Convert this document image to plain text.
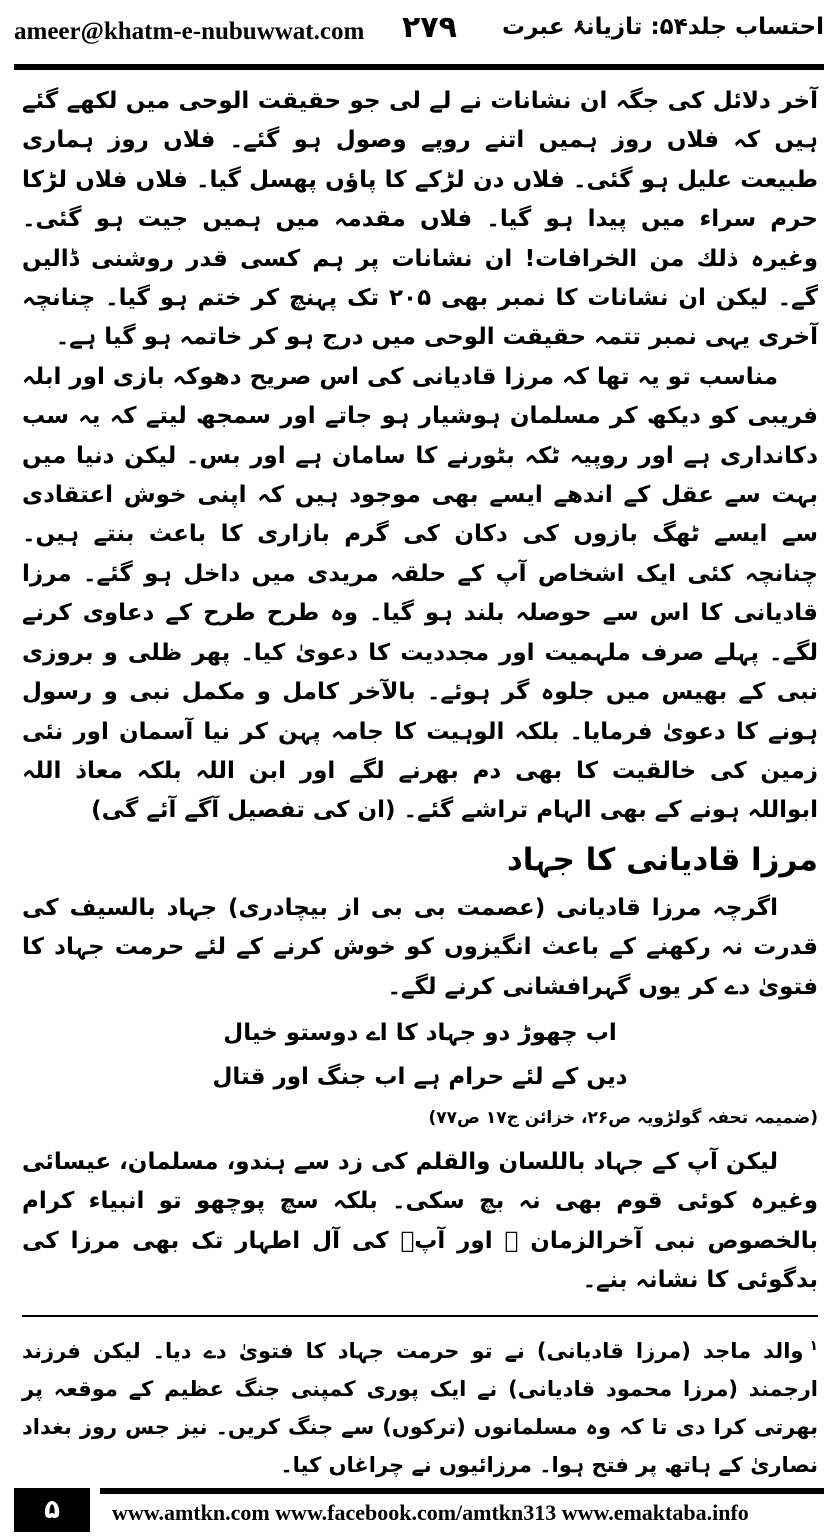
ameer@khatm-e-nubuwwat.com ۲۷۹ احتساب جلد۵۴: تازیانۂ عبرت

آخر دلائل کی جگہ ان نشانات نے لے لی جو حقیقت الوحی میں لکھے گئے ہیں کہ فلاں روز ہمیں اتنے روپے وصول ہو گئے۔ فلاں روز ہماری طبیعت علیل ہو گئی۔ فلاں دن لڑکے کا پاؤں پھسل گیا۔ فلاں فلاں لڑکا حرم سراء میں پیدا ہو گیا۔ فلاں مقدمہ میں ہمیں جیت ہو گئی۔ وغیرہ ذلك من الخرافات! ان نشانات پر ہم کسی قدر روشنی ڈالیں گے۔ لیکن ان نشانات کا نمبر بھی ۲۰۵ تک پہنچ کر ختم ہو گیا۔ چنانچہ آخری یہی نمبر تتمہ حقیقت الوحی میں درج ہو کر خاتمہ ہو گیا ہے۔

مناسب تو یہ تھا کہ مرزا قادیانی کی اس صریح دھوکہ بازی اور ابلہ فریبی کو دیکھ کر مسلمان ہوشیار ہو جاتے اور سمجھ لیتے کہ یہ سب دکانداری ہے اور روپیہ ٹکہ بٹورنے کا سامان ہے اور بس۔ لیکن دنیا میں بہت سے عقل کے اندھے ایسے بھی موجود ہیں کہ اپنی خوش اعتقادی سے ایسے ٹھگ بازوں کی دکان کی گرم بازاری کا باعث بنتے ہیں۔ چنانچہ کئی ایک اشخاص آپ کے حلقہ مریدی میں داخل ہو گئے۔ مرزا قادیانی کا اس سے حوصلہ بلند ہو گیا۔ وہ طرح طرح کے دعاوی کرنے لگے۔ پہلے صرف ملہمیت اور مجددیت کا دعویٰ کیا۔ پھر ظلی و بروزی نبی کے بھیس میں جلوہ گر ہوئے۔ بالآخر کامل و مکمل نبی و رسول ہونے کا دعویٰ فرمایا۔ بلکہ الوہیت کا جامہ پہن کر نیا آسمان اور نئی زمین کی خالقیت کا بھی دم بھرنے لگے اور ابن اللہ بلکہ معاذ اللہ ابواللہ ہونے کے بھی الہام تراشے گئے۔ (ان کی تفصیل آگے آئے گی)

مرزا قادیانی کا جہاد

اگرچہ مرزا قادیانی (عصمت بی بی از بیچادری) جہاد بالسیف کی قدرت نہ رکھنے کے باعث انگیزوں کو خوش کرنے کے لئے حرمت جہاد کا فتویٰ دے کر یوں گہرافشانی کرنے لگے۔

اب چھوڑ دو جہاد کا اے دوستو خیال
دیں کے لئے حرام ہے اب جنگ اور قتال
(ضمیمہ تحفہ گولڑویہ ص۲۶، خزائن ج۱۷ ص۷۷)

لیکن آپ کے جہاد باللسان والقلم کی زد سے ہندو، مسلمان، عیسائی وغیرہ کوئی قوم بھی نہ بچ سکی۔ بلکہ سچ پوچھو تو انبیاء کرام بالخصوص نبی آخرالزمان ﷺ اور آپؐ کی آل اطہار تک بھی مرزا کی بدگوئی کا نشانہ بنے۔

$^۱$والد ماجد (مرزا قادیانی) نے تو حرمت جہاد کا فتویٰ دے دیا۔ لیکن فرزند ارجمند (مرزا محمود قادیانی) نے ایک پوری کمپنی جنگ عظیم کے موقعہ پر بھرتی کرا دی تا کہ وہ مسلمانوں (ترکوں) سے جنگ کریں۔ نیز جس روز بغداد نصاریٰ کے ہاتھ پر فتح ہوا۔ مرزائیوں نے چراغاں کیا۔

۵	www.amtkn.com www.facebook.com/amtkn313 www.emaktaba.info
